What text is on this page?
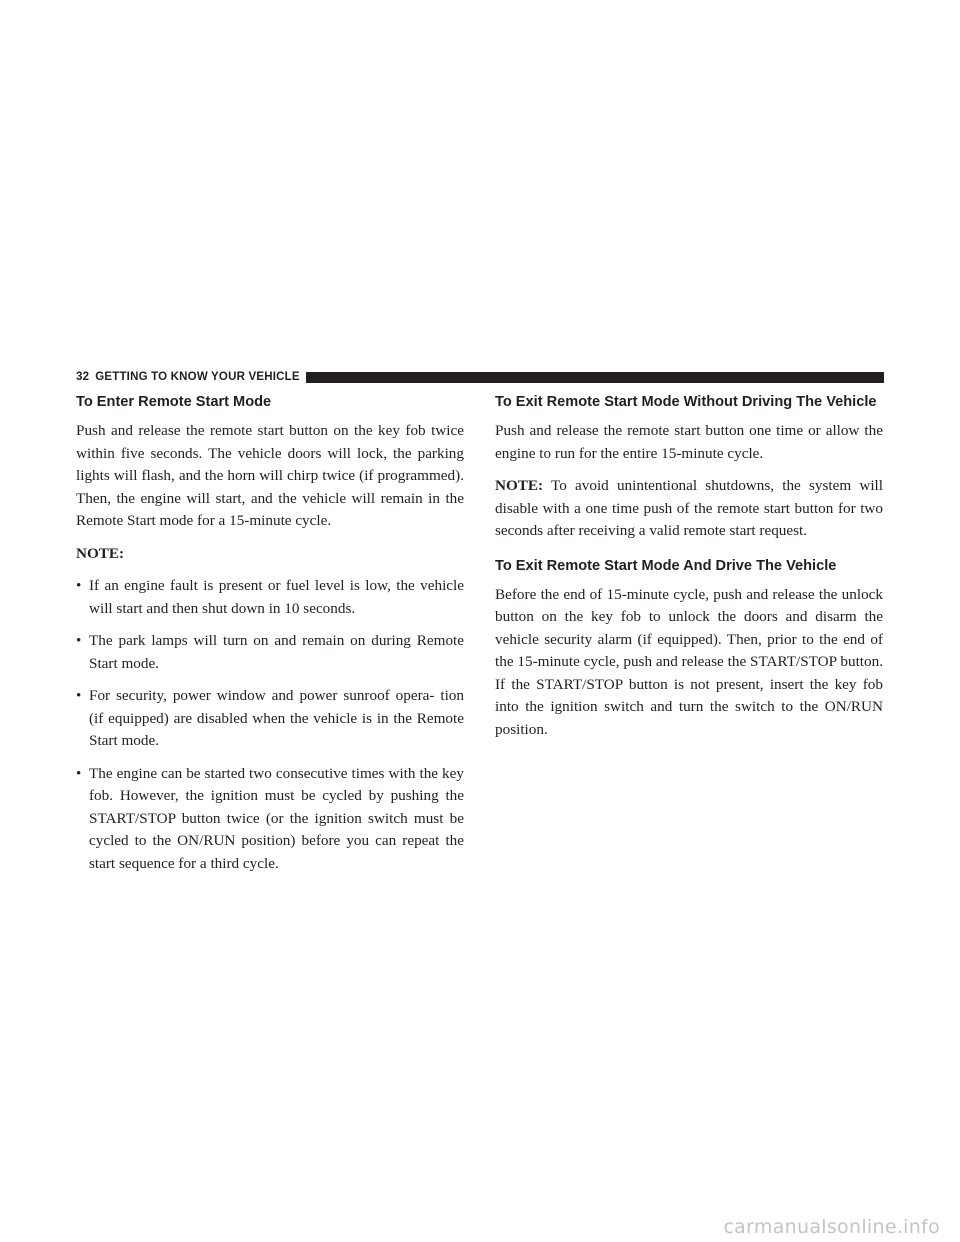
32 GETTING TO KNOW YOUR VEHICLE
To Enter Remote Start Mode

Push and release the remote start button on the key fob twice within five seconds. The vehicle doors will lock, the parking lights will flash, and the horn will chirp twice (if programmed). Then, the engine will start, and the vehicle will remain in the Remote Start mode for a 15-minute cycle.

NOTE:

• If an engine fault is present or fuel level is low, the vehicle will start and then shut down in 10 seconds.
• The park lamps will turn on and remain on during Remote Start mode.
• For security, power window and power sunroof opera- tion (if equipped) are disabled when the vehicle is in the Remote Start mode.
• The engine can be started two consecutive times with the key fob. However, the ignition must be cycled by pushing the START/STOP button twice (or the ignition switch must be cycled to the ON/RUN position) before you can repeat the start sequence for a third cycle.
To Exit Remote Start Mode Without Driving The Vehicle

Push and release the remote start button one time or allow the engine to run for the entire 15-minute cycle.

NOTE: To avoid unintentional shutdowns, the system will disable with a one time push of the remote start button for two seconds after receiving a valid remote start request.

To Exit Remote Start Mode And Drive The Vehicle

Before the end of 15-minute cycle, push and release the unlock button on the key fob to unlock the doors and disarm the vehicle security alarm (if equipped). Then, prior to the end of the 15-minute cycle, push and release the START/STOP button. If the START/STOP button is not present, insert the key fob into the ignition switch and turn the switch to the ON/RUN position.

carmanualsonline.info
